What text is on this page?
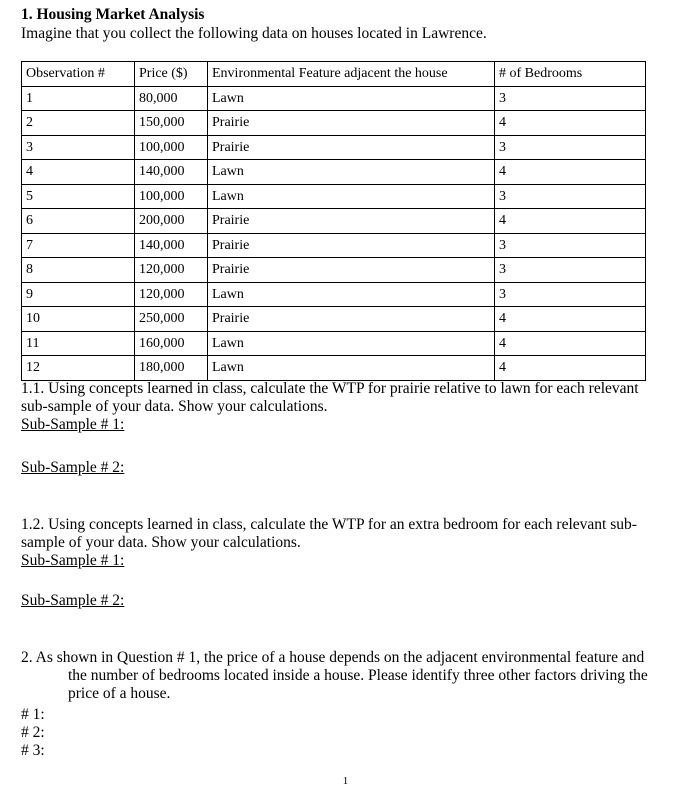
1. Housing Market Analysis
Imagine that you collect the following data on houses located in Lawrence.
Observation #	Price ($)	Environmental Feature adjacent the house	# of Bedrooms
1	80,000	Lawn	3
2	150,000	Prairie	4
3	100,000	Prairie	3
4	140,000	Lawn	4
5	100,000	Lawn	3
6	200,000	Prairie	4
7	140,000	Prairie	3
8	120,000	Prairie	3
9	120,000	Lawn	3
10	250,000	Prairie	4
11	160,000	Lawn	4
12	180,000	Lawn	4
1.1. Using concepts learned in class, calculate the WTP for prairie relative to lawn for each relevant sub-sample of your data. Show your calculations.
Sub-Sample # 1:
Sub-Sample # 2:
1.2. Using concepts learned in class, calculate the WTP for an extra bedroom for each relevant sub-sample of your data. Show your calculations.
Sub-Sample # 1:
Sub-Sample # 2:
2. As shown in Question # 1, the price of a house depends on the adjacent environmental feature and the number of bedrooms located inside a house. Please identify three other factors driving the price of a house.
# 1:
# 2:
# 3:
1
